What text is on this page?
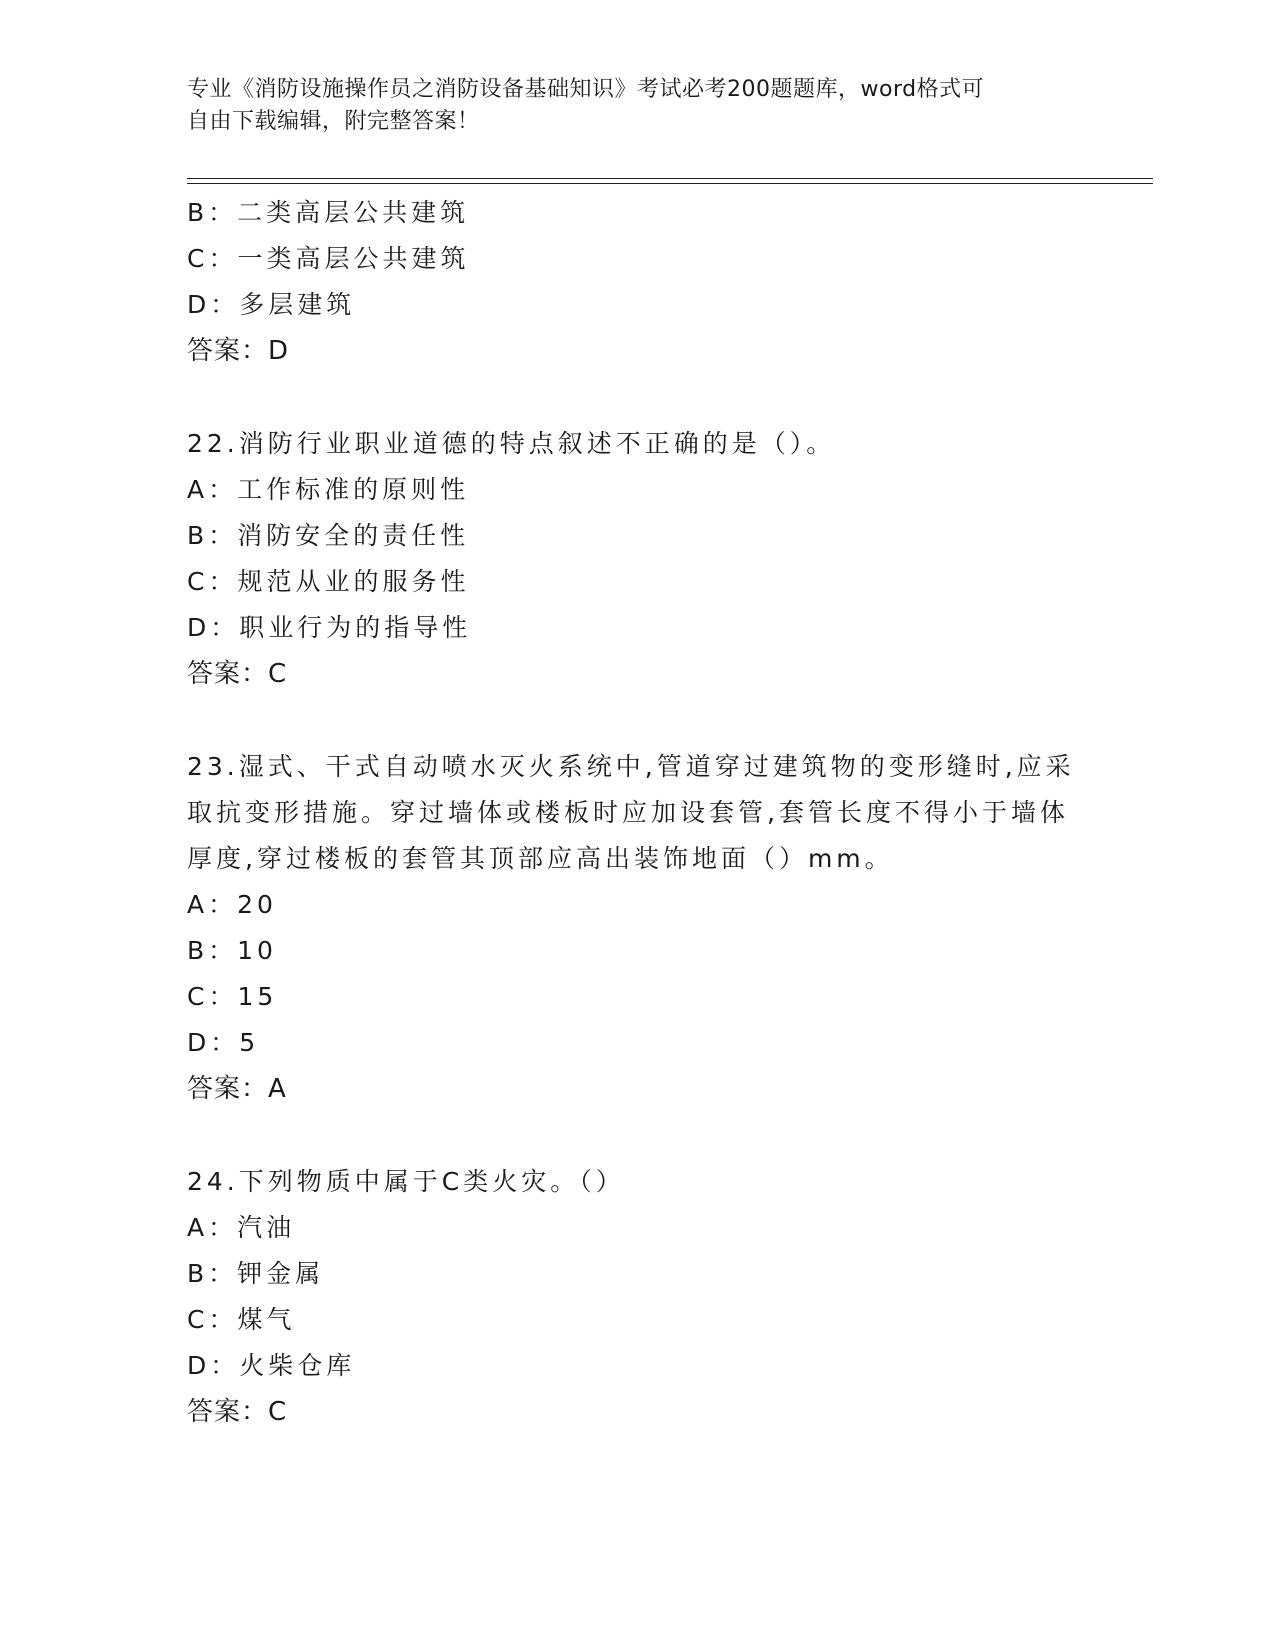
专业《消防设施操作员之消防设备基础知识》考试必考200题题库，word格式可
自由下载编辑，附完整答案！
B：二类高层公共建筑
C：一类高层公共建筑
D：多层建筑
答案：D
22.消防行业职业道德的特点叙述不正确的是（）。
A：工作标准的原则性
B：消防安全的责任性
C：规范从业的服务性
D：职业行为的指导性
答案：C
23.湿式、干式自动喷水灭火系统中,管道穿过建筑物的变形缝时,应采
取抗变形措施。穿过墙体或楼板时应加设套管,套管长度不得小于墙体
厚度,穿过楼板的套管其顶部应高出装饰地面（）mm。
A：20
B：10
C：15
D：5
答案：A
24.下列物质中属于C类火灾。（）
A：汽油
B：钾金属
C：煤气
D：火柴仓库
答案：C
